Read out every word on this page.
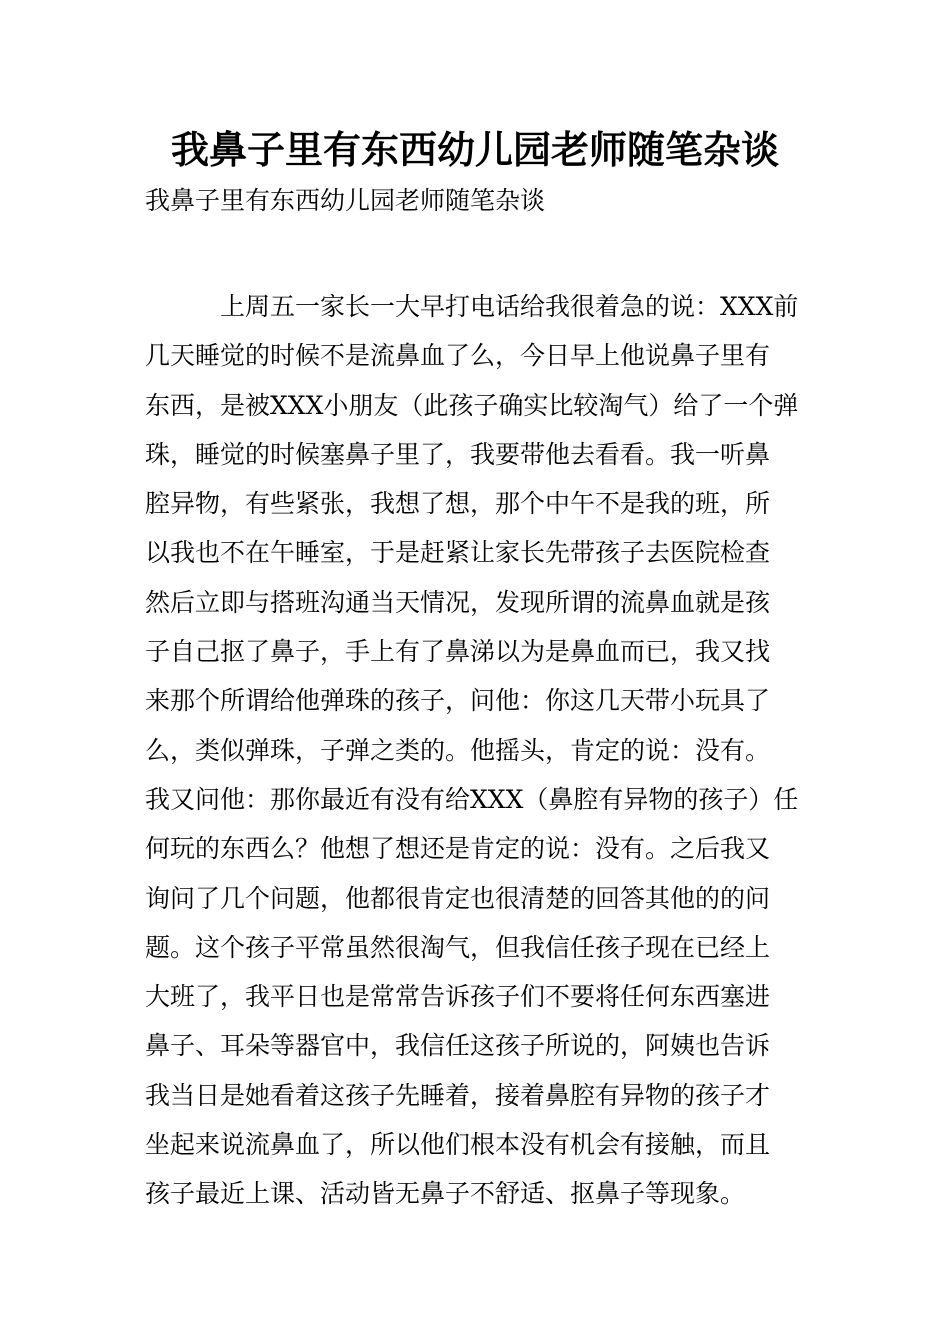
我鼻子里有东西幼儿园老师随笔杂谈
我鼻子里有东西幼儿园老师随笔杂谈
上周五一家长一大早打电话给我很着急的说：XXX前
几天睡觉的时候不是流鼻血了么，今日早上他说鼻子里有
东西，是被XXX小朋友（此孩子确实比较淘气）给了一个弹
珠，睡觉的时候塞鼻子里了，我要带他去看看。我一听鼻
腔异物，有些紧张，我想了想，那个中午不是我的班，所
以我也不在午睡室，于是赶紧让家长先带孩子去医院检查
然后立即与搭班沟通当天情况，发现所谓的流鼻血就是孩
子自己抠了鼻子，手上有了鼻涕以为是鼻血而已，我又找
来那个所谓给他弹珠的孩子，问他：你这几天带小玩具了
么，类似弹珠，子弹之类的。他摇头，肯定的说：没有。
我又问他：那你最近有没有给XXX（鼻腔有异物的孩子）任
何玩的东西么？他想了想还是肯定的说：没有。之后我又
询问了几个问题，他都很肯定也很清楚的回答其他的的问
题。这个孩子平常虽然很淘气，但我信任孩子现在已经上
大班了，我平日也是常常告诉孩子们不要将任何东西塞进
鼻子、耳朵等器官中，我信任这孩子所说的，阿姨也告诉
我当日是她看着这孩子先睡着，接着鼻腔有异物的孩子才
坐起来说流鼻血了，所以他们根本没有机会有接触，而且
孩子最近上课、活动皆无鼻子不舒适、抠鼻子等现象。
